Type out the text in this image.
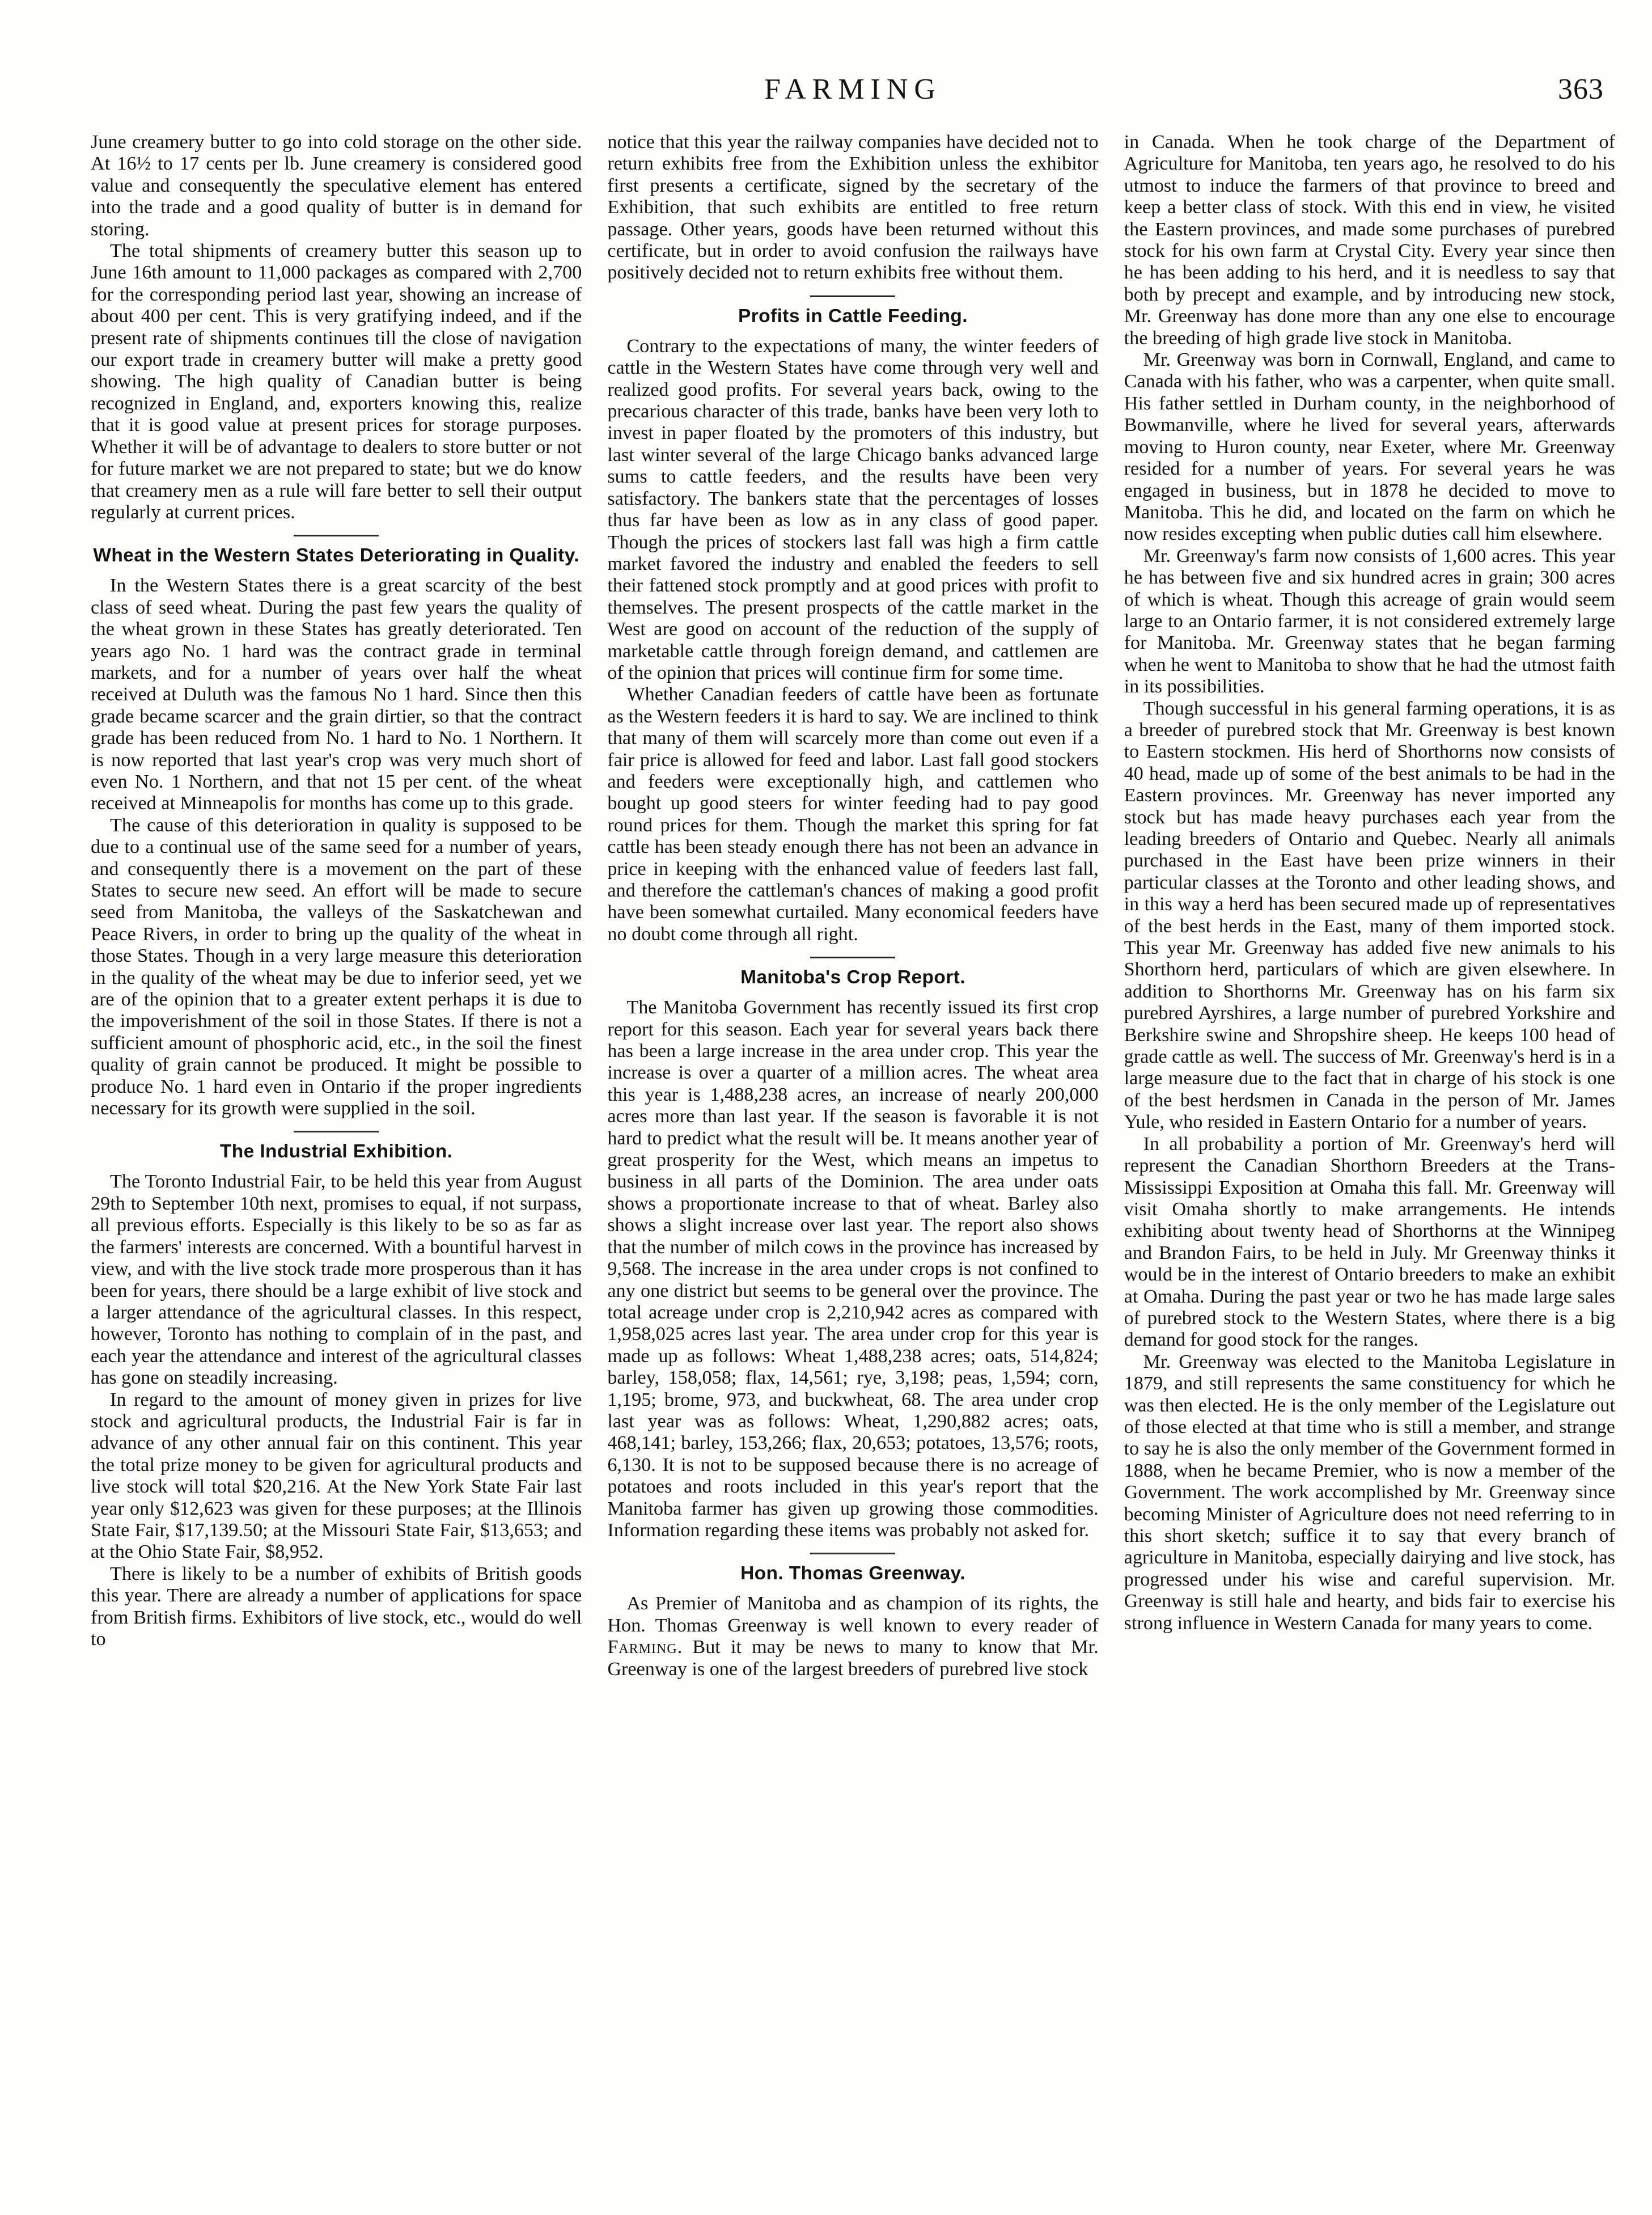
FARMING	363

June creamery butter to go into cold storage on the other side. At 16½ to 17 cents per lb. June creamery is considered good value and consequently the speculative element has entered into the trade and a good quality of butter is in demand for storing.

The total shipments of creamery butter this season up to June 16th amount to 11,000 packages as compared with 2,700 for the corresponding period last year, showing an increase of about 400 per cent. This is very gratifying indeed, and if the present rate of shipments continues till the close of navigation our export trade in creamery butter will make a pretty good showing. The high quality of Canadian butter is being recognized in England, and, exporters knowing this, realize that it is good value at present prices for storage purposes. Whether it will be of advantage to dealers to store butter or not for future market we are not prepared to state; but we do know that creamery men as a rule will fare better to sell their output regularly at current prices.

Wheat in the Western States Deteriorating in Quality.

In the Western States there is a great scarcity of the best class of seed wheat. During the past few years the quality of the wheat grown in these States has greatly deteriorated. Ten years ago No. 1 hard was the contract grade in terminal markets, and for a number of years over half the wheat received at Duluth was the famous No 1 hard. Since then this grade became scarcer and the grain dirtier, so that the contract grade has been reduced from No. 1 hard to No. 1 Northern. It is now reported that last year's crop was very much short of even No. 1 Northern, and that not 15 per cent. of the wheat received at Minneapolis for months has come up to this grade.

The cause of this deterioration in quality is supposed to be due to a continual use of the same seed for a number of years, and consequently there is a movement on the part of these States to secure new seed. An effort will be made to secure seed from Manitoba, the valleys of the Saskatchewan and Peace Rivers, in order to bring up the quality of the wheat in those States. Though in a very large measure this deterioration in the quality of the wheat may be due to inferior seed, yet we are of the opinion that to a greater extent perhaps it is due to the impoverishment of the soil in those States. If there is not a sufficient amount of phosphoric acid, etc., in the soil the finest quality of grain cannot be produced. It might be possible to produce No. 1 hard even in Ontario if the proper ingredients necessary for its growth were supplied in the soil.

The Industrial Exhibition.

The Toronto Industrial Fair, to be held this year from August 29th to September 10th next, promises to equal, if not surpass, all previous efforts. Especially is this likely to be so as far as the farmers' interests are concerned. With a bountiful harvest in view, and with the live stock trade more prosperous than it has been for years, there should be a large exhibit of live stock and a larger attendance of the agricultural classes. In this respect, however, Toronto has nothing to complain of in the past, and each year the attendance and interest of the agricultural classes has gone on steadily increasing.

In regard to the amount of money given in prizes for live stock and agricultural products, the Industrial Fair is far in advance of any other annual fair on this continent. This year the total prize money to be given for agricultural products and live stock will total $20,216. At the New York State Fair last year only $12,623 was given for these purposes; at the Illinois State Fair, $17,139.50; at the Missouri State Fair, $13,653; and at the Ohio State Fair, $8,952.

There is likely to be a number of exhibits of British goods this year. There are already a number of applications for space from British firms. Exhibitors of live stock, etc., would do well to

notice that this year the railway companies have decided not to return exhibits free from the Exhibition unless the exhibitor first presents a certificate, signed by the secretary of the Exhibition, that such exhibits are entitled to free return passage. Other years, goods have been returned without this certificate, but in order to avoid confusion the railways have positively decided not to return exhibits free without them.

Profits in Cattle Feeding.

Contrary to the expectations of many, the winter feeders of cattle in the Western States have come through very well and realized good profits. For several years back, owing to the precarious character of this trade, banks have been very loth to invest in paper floated by the promoters of this industry, but last winter several of the large Chicago banks advanced large sums to cattle feeders, and the results have been very satisfactory. The bankers state that the percentages of losses thus far have been as low as in any class of good paper. Though the prices of stockers last fall was high a firm cattle market favored the industry and enabled the feeders to sell their fattened stock promptly and at good prices with profit to themselves. The present prospects of the cattle market in the West are good on account of the reduction of the supply of marketable cattle through foreign demand, and cattlemen are of the opinion that prices will continue firm for some time.

Whether Canadian feeders of cattle have been as fortunate as the Western feeders it is hard to say. We are inclined to think that many of them will scarcely more than come out even if a fair price is allowed for feed and labor. Last fall good stockers and feeders were exceptionally high, and cattlemen who bought up good steers for winter feeding had to pay good round prices for them. Though the market this spring for fat cattle has been steady enough there has not been an advance in price in keeping with the enhanced value of feeders last fall, and therefore the cattleman's chances of making a good profit have been somewhat curtailed. Many economical feeders have no doubt come through all right.

Manitoba's Crop Report.

The Manitoba Government has recently issued its first crop report for this season. Each year for several years back there has been a large increase in the area under crop. This year the increase is over a quarter of a million acres. The wheat area this year is 1,488,238 acres, an increase of nearly 200,000 acres more than last year. If the season is favorable it is not hard to predict what the result will be. It means another year of great prosperity for the West, which means an impetus to business in all parts of the Dominion. The area under oats shows a proportionate increase to that of wheat. Barley also shows a slight increase over last year. The report also shows that the number of milch cows in the province has increased by 9,568. The increase in the area under crops is not confined to any one district but seems to be general over the province. The total acreage under crop is 2,210,942 acres as compared with 1,958,025 acres last year. The area under crop for this year is made up as follows: Wheat 1,488,238 acres; oats, 514,824; barley, 158,058; flax, 14,561; rye, 3,198; peas, 1,594; corn, 1,195; brome, 973, and buckwheat, 68. The area under crop last year was as follows: Wheat, 1,290,882 acres; oats, 468,141; barley, 153,266; flax, 20,653; potatoes, 13,576; roots, 6,130. It is not to be supposed because there is no acreage of potatoes and roots included in this year's report that the Manitoba farmer has given up growing those commodities. Information regarding these items was probably not asked for.

Hon. Thomas Greenway.

As Premier of Manitoba and as champion of its rights, the Hon. Thomas Greenway is well known to every reader of Farming. But it may be news to many to know that Mr. Greenway is one of the largest breeders of purebred live stock

in Canada. When he took charge of the Department of Agriculture for Manitoba, ten years ago, he resolved to do his utmost to induce the farmers of that province to breed and keep a better class of stock. With this end in view, he visited the Eastern provinces, and made some purchases of purebred stock for his own farm at Crystal City. Every year since then he has been adding to his herd, and it is needless to say that both by precept and example, and by introducing new stock, Mr. Greenway has done more than any one else to encourage the breeding of high grade live stock in Manitoba.

Mr. Greenway was born in Cornwall, England, and came to Canada with his father, who was a carpenter, when quite small. His father settled in Durham county, in the neighborhood of Bowmanville, where he lived for several years, afterwards moving to Huron county, near Exeter, where Mr. Greenway resided for a number of years. For several years he was engaged in business, but in 1878 he decided to move to Manitoba. This he did, and located on the farm on which he now resides excepting when public duties call him elsewhere.

Mr. Greenway's farm now consists of 1,600 acres. This year he has between five and six hundred acres in grain; 300 acres of which is wheat. Though this acreage of grain would seem large to an Ontario farmer, it is not considered extremely large for Manitoba. Mr. Greenway states that he began farming when he went to Manitoba to show that he had the utmost faith in its possibilities.

Though successful in his general farming operations, it is as a breeder of purebred stock that Mr. Greenway is best known to Eastern stockmen. His herd of Shorthorns now consists of 40 head, made up of some of the best animals to be had in the Eastern provinces. Mr. Greenway has never imported any stock but has made heavy purchases each year from the leading breeders of Ontario and Quebec. Nearly all animals purchased in the East have been prize winners in their particular classes at the Toronto and other leading shows, and in this way a herd has been secured made up of representatives of the best herds in the East, many of them imported stock. This year Mr. Greenway has added five new animals to his Shorthorn herd, particulars of which are given elsewhere. In addition to Shorthorns Mr. Greenway has on his farm six purebred Ayrshires, a large number of purebred Yorkshire and Berkshire swine and Shropshire sheep. He keeps 100 head of grade cattle as well. The success of Mr. Greenway's herd is in a large measure due to the fact that in charge of his stock is one of the best herdsmen in Canada in the person of Mr. James Yule, who resided in Eastern Ontario for a number of years.

In all probability a portion of Mr. Greenway's herd will represent the Canadian Shorthorn Breeders at the Trans-Mississippi Exposition at Omaha this fall. Mr. Greenway will visit Omaha shortly to make arrangements. He intends exhibiting about twenty head of Shorthorns at the Winnipeg and Brandon Fairs, to be held in July. Mr Greenway thinks it would be in the interest of Ontario breeders to make an exhibit at Omaha. During the past year or two he has made large sales of purebred stock to the Western States, where there is a big demand for good stock for the ranges.

Mr. Greenway was elected to the Manitoba Legislature in 1879, and still represents the same constituency for which he was then elected. He is the only member of the Legislature out of those elected at that time who is still a member, and strange to say he is also the only member of the Government formed in 1888, when he became Premier, who is now a member of the Government. The work accomplished by Mr. Greenway since becoming Minister of Agriculture does not need referring to in this short sketch; suffice it to say that every branch of agriculture in Manitoba, especially dairying and live stock, has progressed under his wise and careful supervision. Mr. Greenway is still hale and hearty, and bids fair to exercise his strong influence in Western Canada for many years to come.
